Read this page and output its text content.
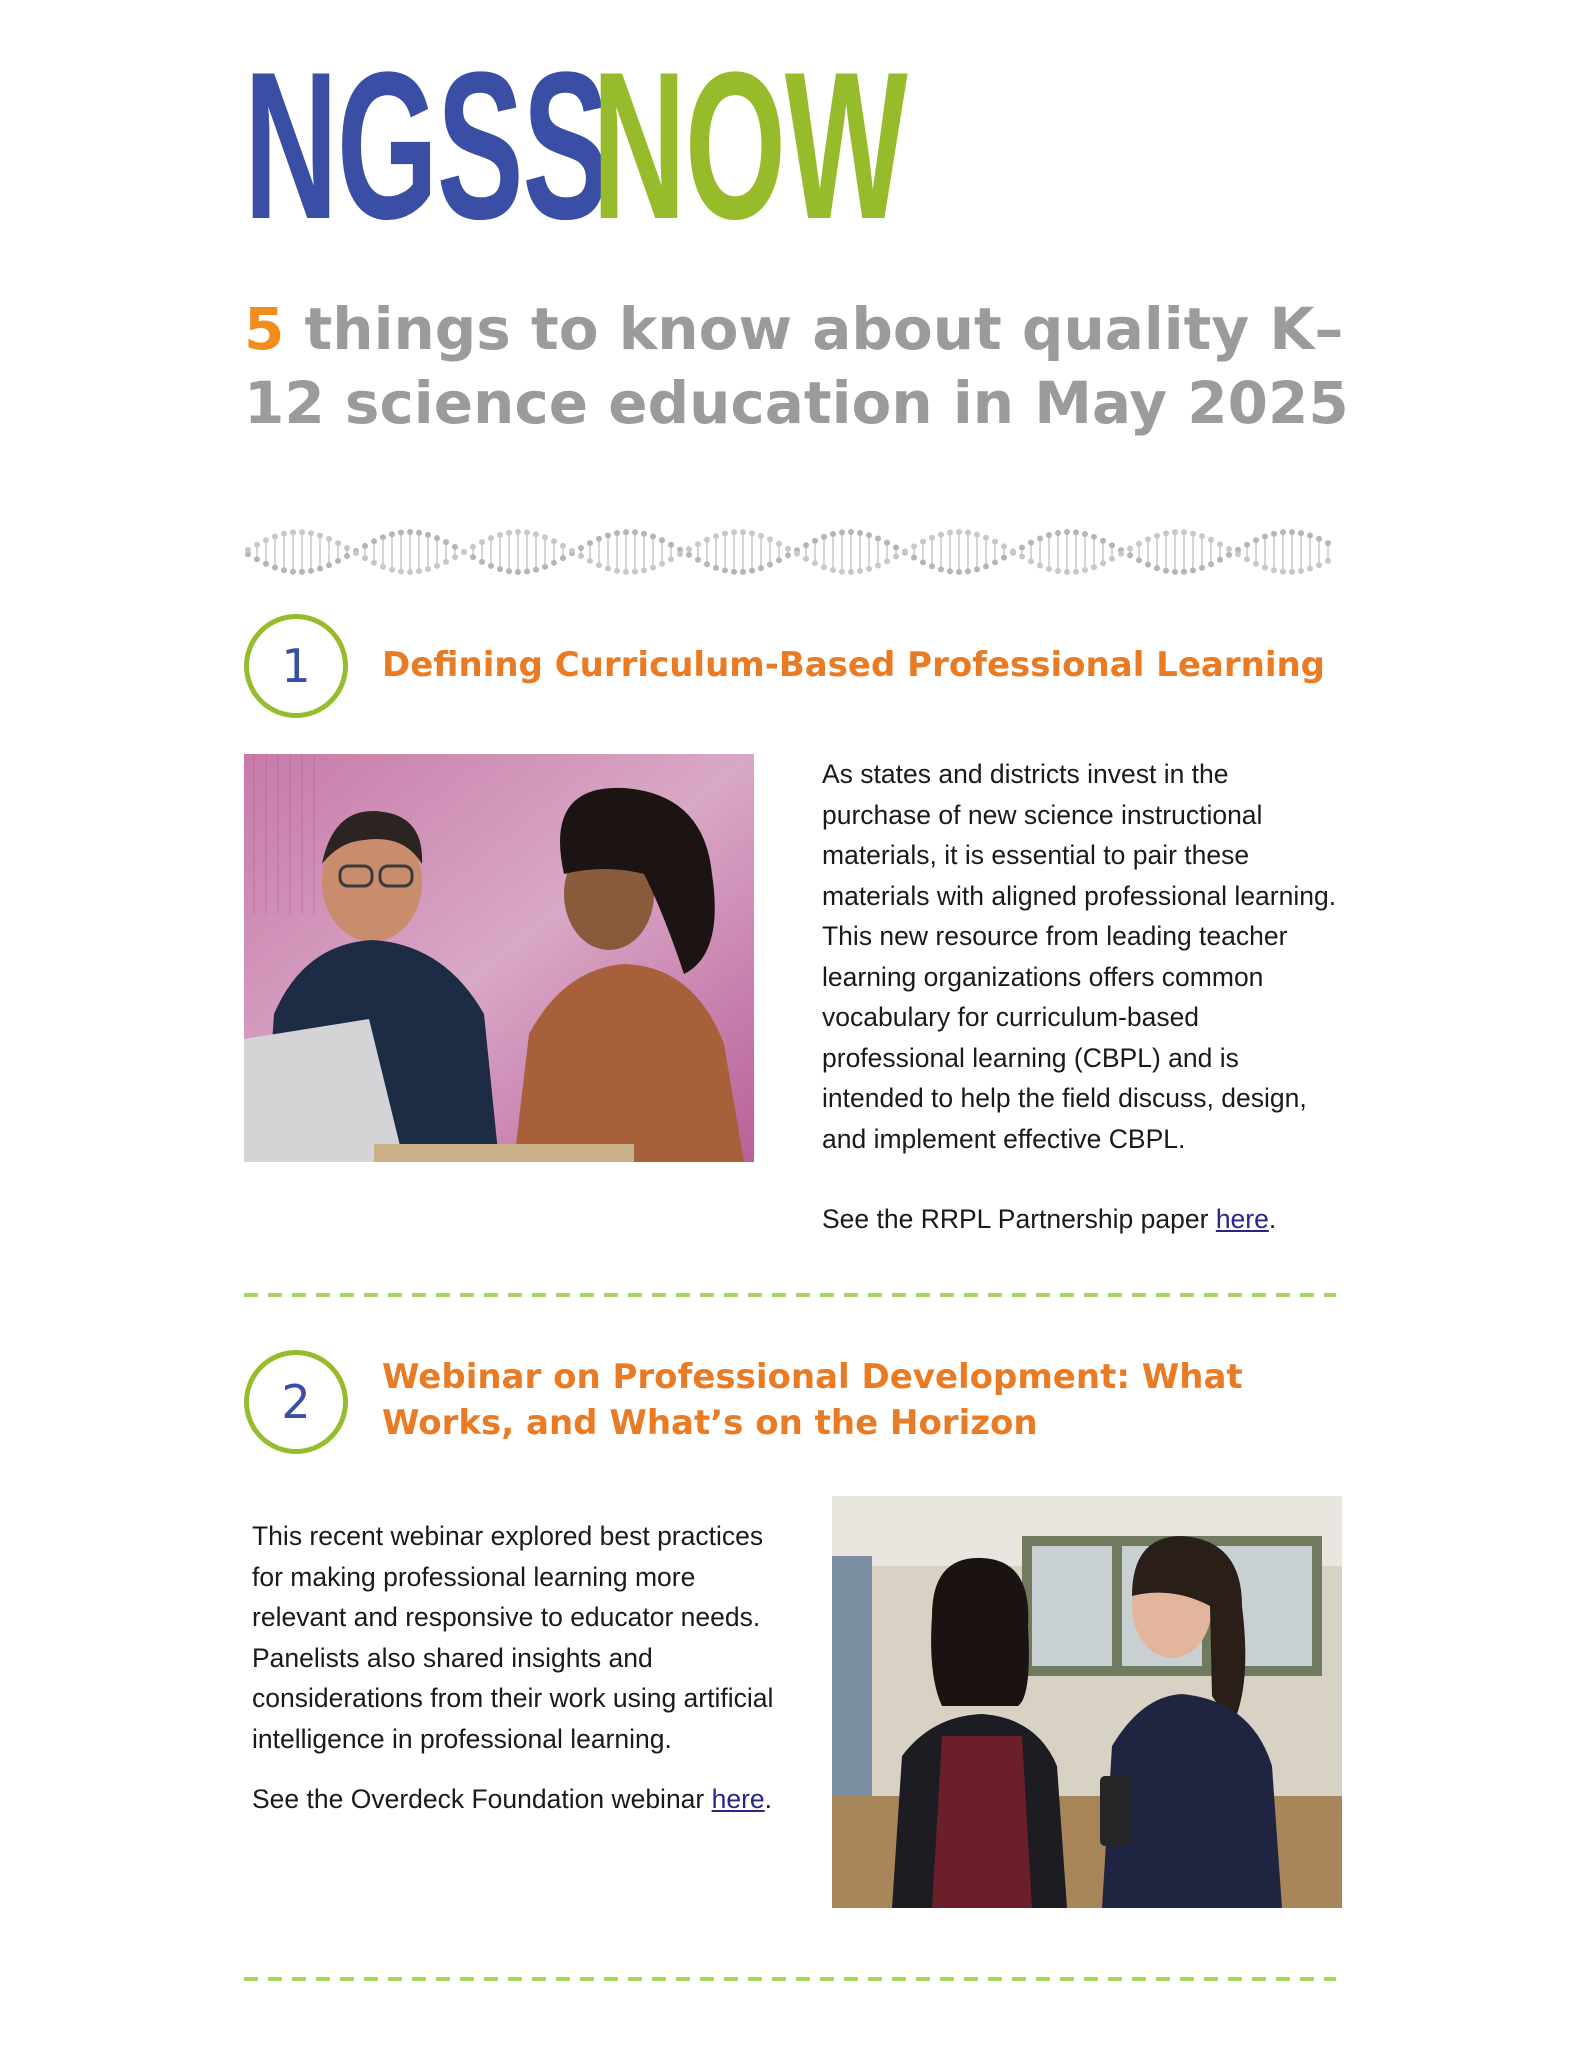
NGSS
NOW
5 things to know about quality K–12 science education in May 2025
1 Defining Curriculum-Based Professional Learning

As states and districts invest in the purchase of new science instructional materials, it is essential to pair these materials with aligned professional learning. This new resource from leading teacher learning organizations offers common vocabulary for curriculum-based professional learning (CBPL) and is intended to help the field discuss, design, and implement effective CBPL.

See the RRPL Partnership paper here.

2 Webinar on Professional Development: What Works, and What’s on the Horizon

This recent webinar explored best practices for making professional learning more relevant and responsive to educator needs. Panelists also shared insights and considerations from their work using artificial intelligence in professional learning.

See the Overdeck Foundation webinar here.
